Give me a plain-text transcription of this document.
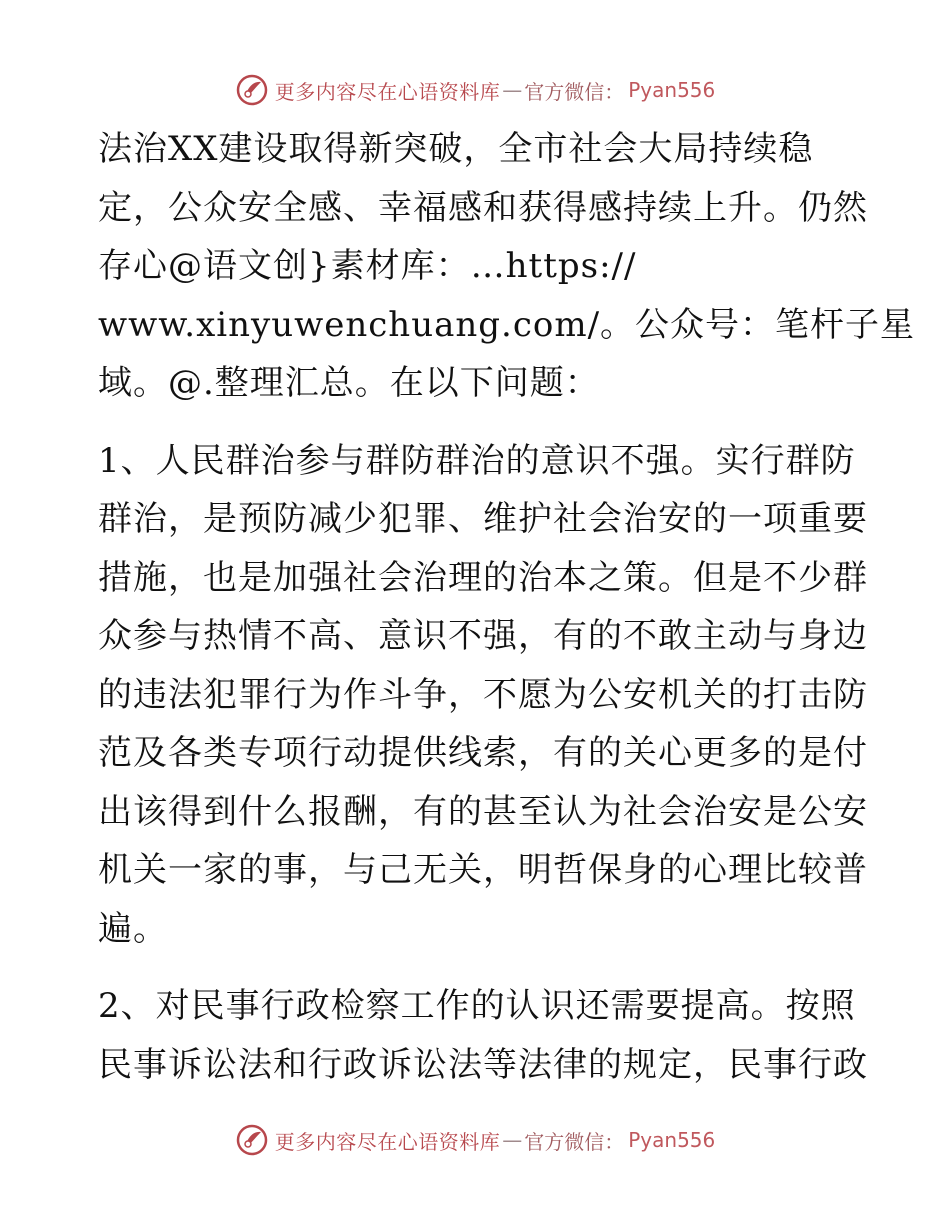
更多内容尽在心语资料库 — 官方微信： Pyan556
法治XX建设取得新突破，全市社会大局持续稳
定，公众安全感、幸福感和获得感持续上升。仍然
存心@语文创}素材库：…https://
www.xinyuwenchuang.com/。公众号：笔杆子星
域。@.整理汇总。在以下问题：
1、人民群治参与群防群治的意识不强。实行群防
群治，是预防减少犯罪、维护社会治安的一项重要
措施，也是加强社会治理的治本之策。但是不少群
众参与热情不高、意识不强，有的不敢主动与身边
的违法犯罪行为作斗争，不愿为公安机关的打击防
范及各类专项行动提供线索，有的关心更多的是付
出该得到什么报酬，有的甚至认为社会治安是公安
机关一家的事，与己无关，明哲保身的心理比较普
遍。
2、对民事行政检察工作的认识还需要提高。按照
民事诉讼法和行政诉讼法等法律的规定，民事行政
更多内容尽在心语资料库 — 官方微信： Pyan556
